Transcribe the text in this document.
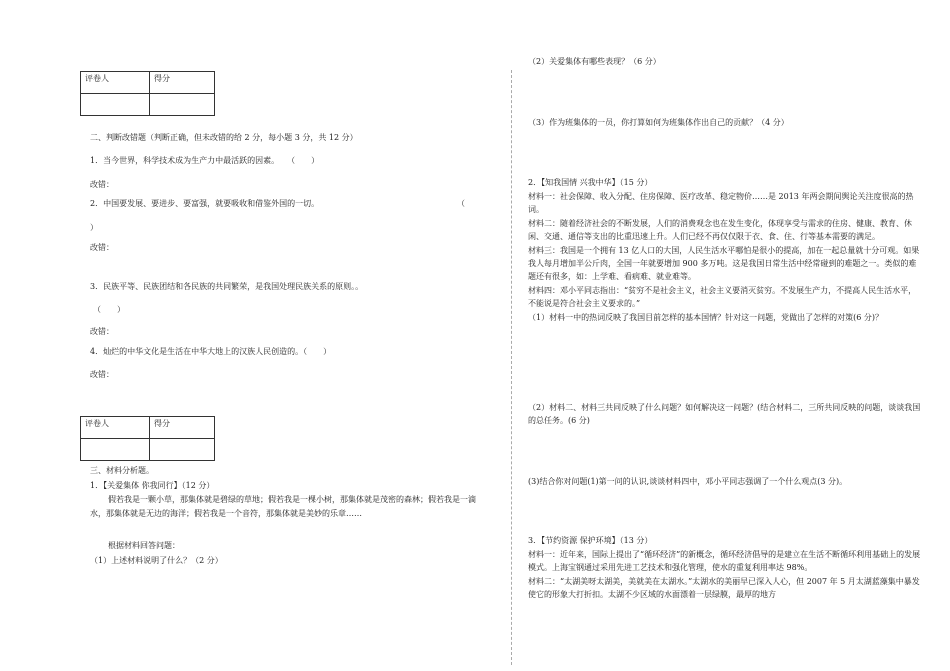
评卷人	得分

二、判断改错题（判断正确，但未改错的给 2 分，每小题 3 分，共 12 分）
1．当今世界，科学技术成为生产力中最活跃的因素。　　（　　）
改错：
2．中国要发展、要进步、要富强，就要吸收和借鉴外国的一切。	（
）
改错：
3．民族平等、民族团结和各民族的共同繁荣，是我国处理民族关系的原则。。
（　　）
改错：
4．灿烂的中华文化是生活在中华大地上的汉族人民创造的。（　　）
改错：
评卷人	得分

三、材料分析题。
1．【关爱集体 你我同行】（12 分）
假若我是一颗小草，那集体就是碧绿的草地；假若我是一棵小树，那集体就是茂密的森林；假若我是一滴水，那集体就是无边的海洋；假若我是一个音符，那集体就是美妙的乐章……
根据材料回答问题：
（1）上述材料说明了什么？（2 分）
（2）关爱集体有哪些表现？（6 分）
（3）作为班集体的一员，你打算如何为班集体作出自己的贡献？（4 分）
2．【知我国情 兴我中华】（15 分）
材料一：社会保障、收入分配、住房保障、医疗改革、稳定物价……是 2013 年两会期间舆论关注度很高的热词。
材料二：随着经济社会的不断发展，人们的消费观念也在发生变化，体现享受与需求的住房、健康、教育、休闲、交通、通信等支出的比重迅速上升。人们已经不再仅仅限于衣、食、住、行等基本需要的满足。
材料三：我国是一个拥有 13 亿人口的大国，人民生活水平哪怕是很小的提高，加在一起总量就十分可观。如果我人每月增加半公斤肉，全国一年就要增加 900 多万吨。这是我国日常生活中经常碰到的难题之一。类似的难题还有很多，如：上学难、看病难、就业难等。
材料四：邓小平同志指出：“贫穷不是社会主义，社会主义要消灭贫穷。不发展生产力，不提高人民生活水平，不能说是符合社会主义要求的。”
（1）材料一中的热词反映了我国目前怎样的基本国情？针对这一问题，党做出了怎样的对策(6 分)？
（2）材料二、材料三共同反映了什么问题？如何解决这一问题？(结合材料二，三所共同反映的问题，谈谈我国的总任务。(6 分)
(3)结合你对问题(1)第一问的认识,谈谈材料四中，邓小平同志强调了一个什么观点(3 分)。
3．【节约资源 保护环境】（13 分）
材料一：近年来，国际上提出了“循环经济”的新概念，循环经济倡导的是建立在生活不断循环利用基础上的发展模式。上海宝钢通过采用先进工艺技术和强化管理，使水的重复利用率达 98%。
材料二：“太湖美呀太湖美，美就美在太湖水。”太湖水的美丽早已深入人心，但 2007 年 5 月太湖蓝藻集中暴发使它的形象大打折扣。太湖不少区域的水面漂着一层绿膜，最厚的地方
